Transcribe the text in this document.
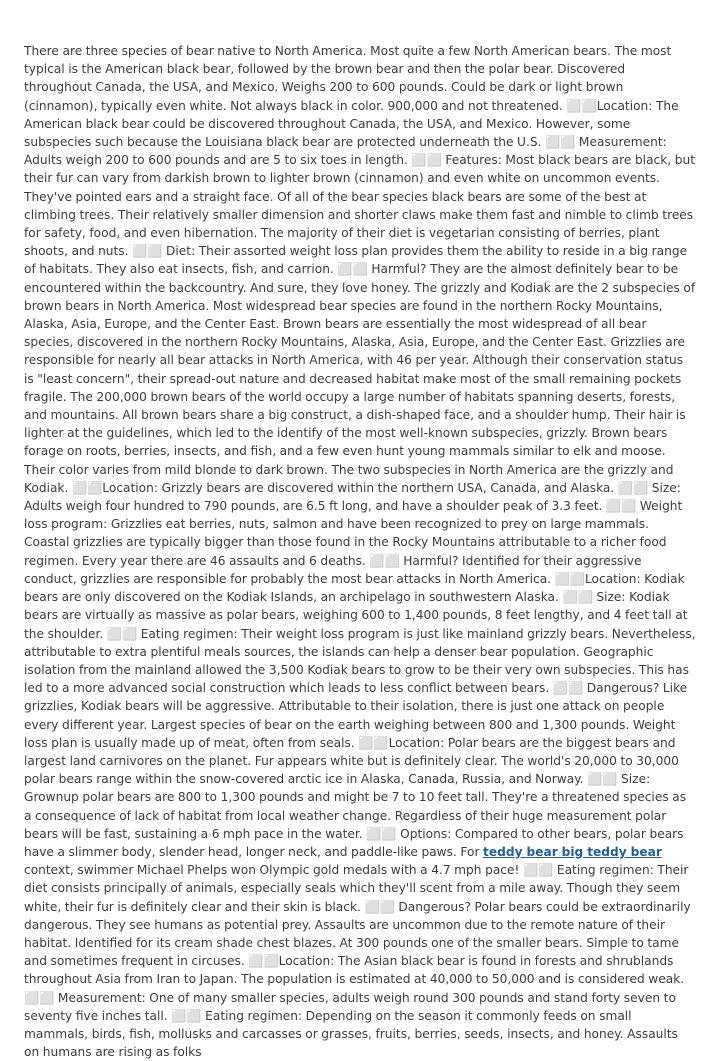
There are three species of bear native to North America. Most quite a few North American bears. The most typical is the American black bear, followed by the brown bear and then the polar bear. Discovered throughout Canada, the USA, and Mexico. Weighs 200 to 600 pounds. Could be dark or light brown (cinnamon), typically even white. Not always black in color. 900,000 and not threatened. ⬜⬜Location: The American black bear could be discovered throughout Canada, the USA, and Mexico. However, some subspecies such because the Louisiana black bear are protected underneath the U.S. ⬜⬜ Measurement: Adults weigh 200 to 600 pounds and are 5 to six toes in length. ⬜⬜ Features: Most black bears are black, but their fur can vary from darkish brown to lighter brown (cinnamon) and even white on uncommon events. They've pointed ears and a straight face. Of all of the bear species black bears are some of the best at climbing trees. Their relatively smaller dimension and shorter claws make them fast and nimble to climb trees for safety, food, and even hibernation. The majority of their diet is vegetarian consisting of berries, plant shoots, and nuts. ⬜⬜ Diet: Their assorted weight loss plan provides them the ability to reside in a big range of habitats. They also eat insects, fish, and carrion. ⬜⬜ Harmful? They are the almost definitely bear to be encountered within the backcountry. And sure, they love honey. The grizzly and Kodiak are the 2 subspecies of brown bears in North America. Most widespread bear species are found in the northern Rocky Mountains, Alaska, Asia, Europe, and the Center East. Brown bears are essentially the most widespread of all bear species, discovered in the northern Rocky Mountains, Alaska, Asia, Europe, and the Center East. Grizzlies are responsible for nearly all bear attacks in North America, with 46 per year. Although their conservation status is "least concern", their spread-out nature and decreased habitat make most of the small remaining pockets fragile. The 200,000 brown bears of the world occupy a large number of habitats spanning deserts, forests, and mountains. All brown bears share a big construct, a dish-shaped face, and a shoulder hump. Their hair is lighter at the guidelines, which led to the identify of the most well-known subspecies, grizzly. Brown bears forage on roots, berries, insects, and fish, and a few even hunt young mammals similar to elk and moose. Their color varies from mild blonde to dark brown. The two subspecies in North America are the grizzly and Kodiak. ⬜⬜Location: Grizzly bears are discovered within the northern USA, Canada, and Alaska. ⬜⬜ Size: Adults weigh four hundred to 790 pounds, are 6.5 ft long, and have a shoulder peak of 3.3 feet. ⬜⬜ Weight loss program: Grizzlies eat berries, nuts, salmon and have been recognized to prey on large mammals. Coastal grizzlies are typically bigger than those found in the Rocky Mountains attributable to a richer food regimen. Every year there are 46 assaults and 6 deaths. ⬜⬜ Harmful? Identified for their aggressive conduct, grizzlies are responsible for probably the most bear attacks in North America. ⬜⬜Location: Kodiak bears are only discovered on the Kodiak Islands, an archipelago in southwestern Alaska. ⬜⬜ Size: Kodiak bears are virtually as massive as polar bears, weighing 600 to 1,400 pounds, 8 feet lengthy, and 4 feet tall at the shoulder. ⬜⬜ Eating regimen: Their weight loss program is just like mainland grizzly bears. Nevertheless, attributable to extra plentiful meals sources, the islands can help a denser bear population. Geographic isolation from the mainland allowed the 3,500 Kodiak bears to grow to be their very own subspecies. This has led to a more advanced social construction which leads to less conflict between bears. ⬜⬜ Dangerous? Like grizzlies, Kodiak bears will be aggressive. Attributable to their isolation, there is just one attack on people every different year. Largest species of bear on the earth weighing between 800 and 1,300 pounds. Weight loss plan is usually made up of meat, often from seals. ⬜⬜Location: Polar bears are the biggest bears and largest land carnivores on the planet. Fur appears white but is definitely clear. The world's 20,000 to 30,000 polar bears range within the snow-covered arctic ice in Alaska, Canada, Russia, and Norway. ⬜⬜ Size: Grownup polar bears are 800 to 1,300 pounds and might be 7 to 10 feet tall. They're a threatened species as a consequence of lack of habitat from local weather change. Regardless of their huge measurement polar bears will be fast, sustaining a 6 mph pace in the water. ⬜⬜ Options: Compared to other bears, polar bears have a slimmer body, slender head, longer neck, and paddle-like paws. For teddy bear big teddy bear context, swimmer Michael Phelps won Olympic gold medals with a 4.7 mph pace! ⬜⬜ Eating regimen: Their diet consists principally of animals, especially seals which they'll scent from a mile away. Though they seem white, their fur is definitely clear and their skin is black. ⬜⬜ Dangerous? Polar bears could be extraordinarily dangerous. They see humans as potential prey. Assaults are uncommon due to the remote nature of their habitat. Identified for its cream shade chest blazes. At 300 pounds one of the smaller bears. Simple to tame and sometimes frequent in circuses. ⬜⬜Location: The Asian black bear is found in forests and shrublands throughout Asia from Iran to Japan. The population is estimated at 40,000 to 50,000 and is considered weak. ⬜⬜ Measurement: One of many smaller species, adults weigh round 300 pounds and stand forty seven to seventy five inches tall. ⬜⬜ Eating regimen: Depending on the season it commonly feeds on small mammals, birds, fish, mollusks and carcasses or grasses, fruits, berries, seeds, insects, and honey. Assaults on humans are rising as folks
